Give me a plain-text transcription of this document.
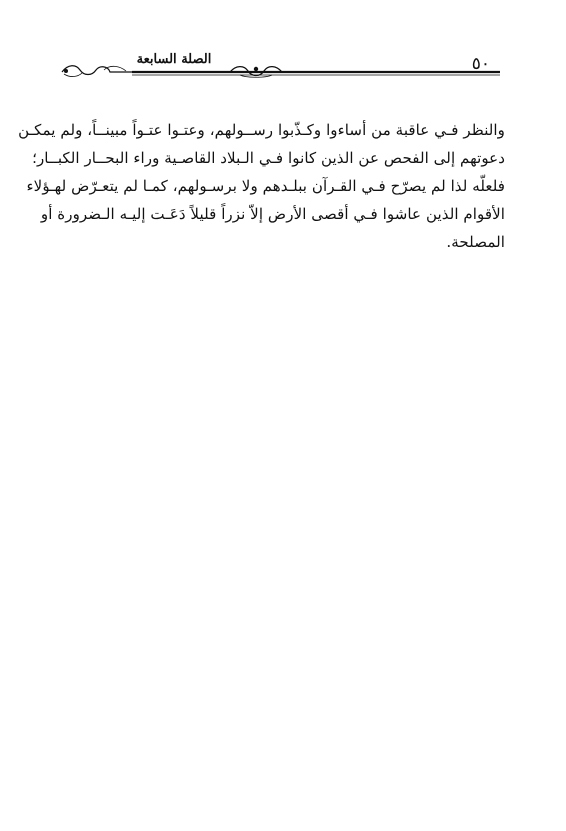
الصلة السابعة	٥٠
والنظر فـي عاقبة من أساءوا وكـذّبوا رســولهم، وعتـوا عتـواً مبينــاً، ولم يمكـن
دعوتهم إلى الفحص عن الذين كانوا فـي الـبلاد القاصـية وراء البحــار الكبــار؛
فلعلّه لذا لم يصرّح فـي القـرآن ببلـدهم ولا برسـولهم، كمـا لم يتعـرّض لهـؤلاء
الأقوام الذين عاشوا فـي أقصى الأرض إلاّ نزراً قليلاً دَعَـت إليـه الـضرورة أو
المصلحة.
